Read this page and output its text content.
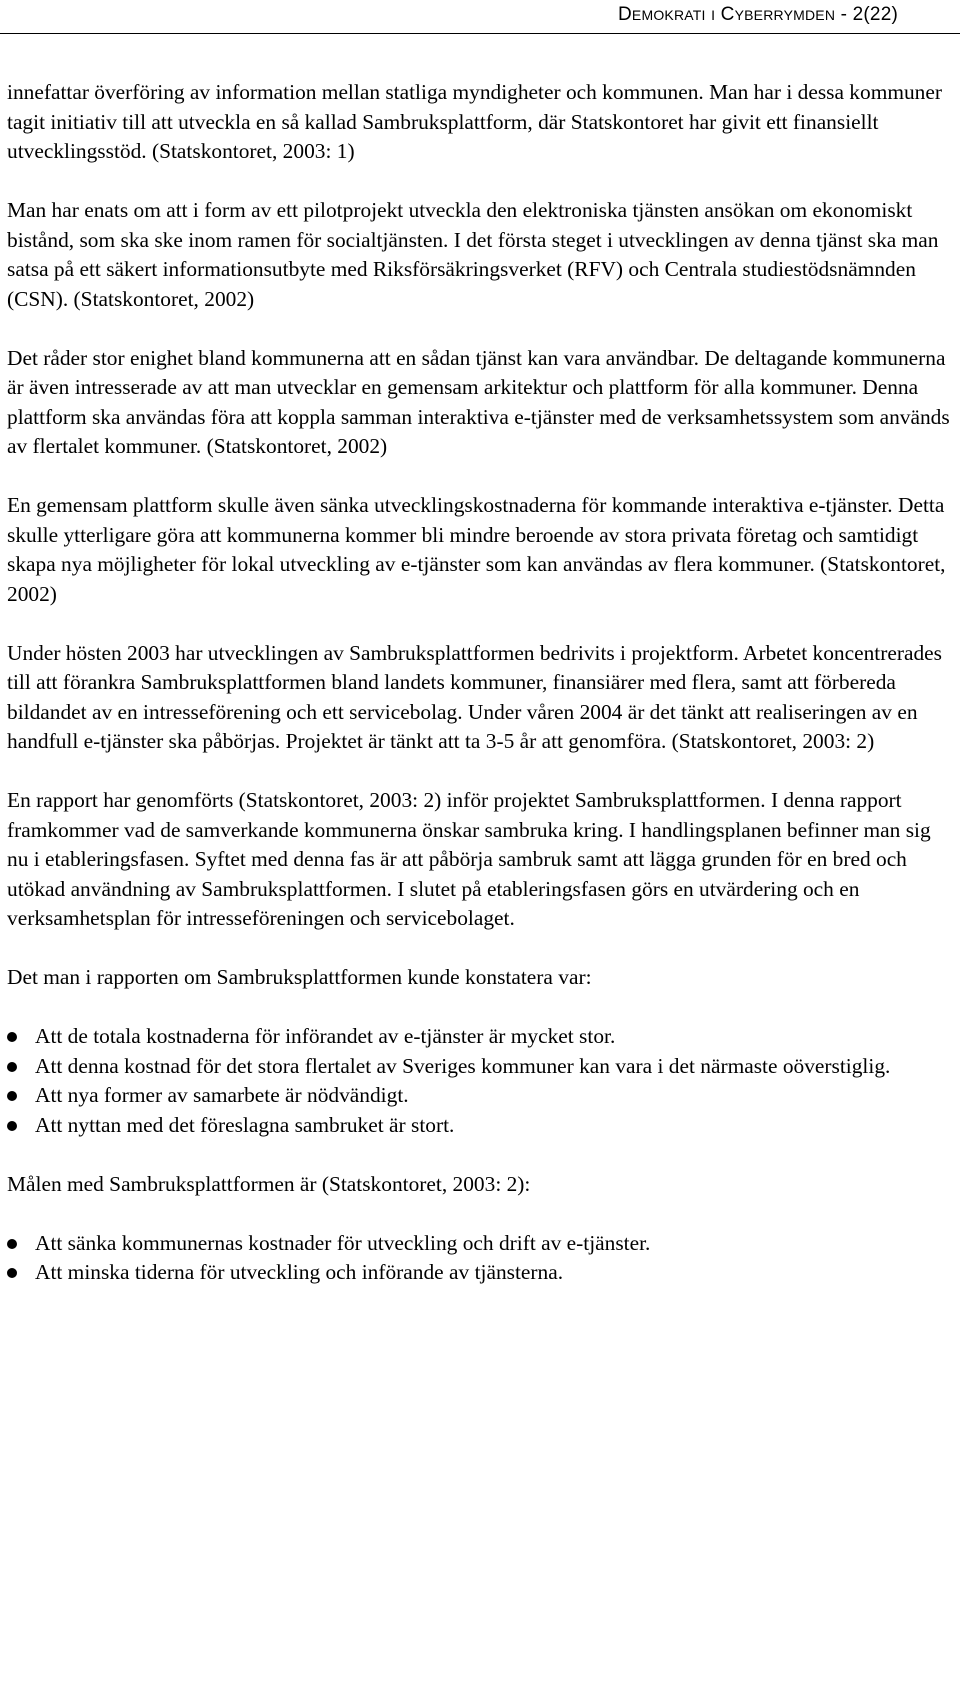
DEMOKRATI I CYBERRYMDEN - 2(22)

innefattar överföring av information mellan statliga myndigheter och kommunen. Man har i dessa kommuner tagit initiativ till att utveckla en så kallad Sambruksplattform, där Statskontoret har givit ett finansiellt utvecklingsstöd. (Statskontoret, 2003: 1)

Man har enats om att i form av ett pilotprojekt utveckla den elektroniska tjänsten ansökan om ekonomiskt bistånd, som ska ske inom ramen för socialtjänsten. I det första steget i utvecklingen av denna tjänst ska man satsa på ett säkert informationsutbyte med Riksförsäkringsverket (RFV) och Centrala studiestödsnämnden (CSN). (Statskontoret, 2002)

Det råder stor enighet bland kommunerna att en sådan tjänst kan vara användbar. De deltagande kommunerna är även intresserade av att man utvecklar en gemensam arkitektur och plattform för alla kommuner. Denna plattform ska användas föra att koppla samman interaktiva e-tjänster med de verksamhetssystem som används av flertalet kommuner. (Statskontoret, 2002)

En gemensam plattform skulle även sänka utvecklingskostnaderna för kommande interaktiva e-tjänster. Detta skulle ytterligare göra att kommunerna kommer bli mindre beroende av stora privata företag och samtidigt skapa nya möjligheter för lokal utveckling av e-tjänster som kan användas av flera kommuner. (Statskontoret, 2002)

Under hösten 2003 har utvecklingen av Sambruksplattformen bedrivits i projektform. Arbetet koncentrerades till att förankra Sambruksplattformen bland landets kommuner, finansiärer med flera, samt att förbereda bildandet av en intresseförening och ett servicebolag. Under våren 2004 är det tänkt att realiseringen av en handfull e-tjänster ska påbörjas. Projektet är tänkt att ta 3-5 år att genomföra. (Statskontoret, 2003: 2)

En rapport har genomförts (Statskontoret, 2003: 2) inför projektet Sambruksplattformen. I denna rapport framkommer vad de samverkande kommunerna önskar sambruka kring. I handlingsplanen befinner man sig nu i etableringsfasen. Syftet med denna fas är att påbörja sambruk samt att lägga grunden för en bred och utökad användning av Sambruksplattformen. I slutet på etableringsfasen görs en utvärdering och en verksamhetsplan för intresseföreningen och servicebolaget.

Det man i rapporten om Sambruksplattformen kunde konstatera var:

Att de totala kostnaderna för införandet av e-tjänster är mycket stor.
Att denna kostnad för det stora flertalet av Sveriges kommuner kan vara i det närmaste oöverstiglig.
Att nya former av samarbete är nödvändigt.
Att nyttan med det föreslagna sambruket är stort.

Målen med Sambruksplattformen är (Statskontoret, 2003: 2):

Att sänka kommunernas kostnader för utveckling och drift av e-tjänster.
Att minska tiderna för utveckling och införande av tjänsterna.
